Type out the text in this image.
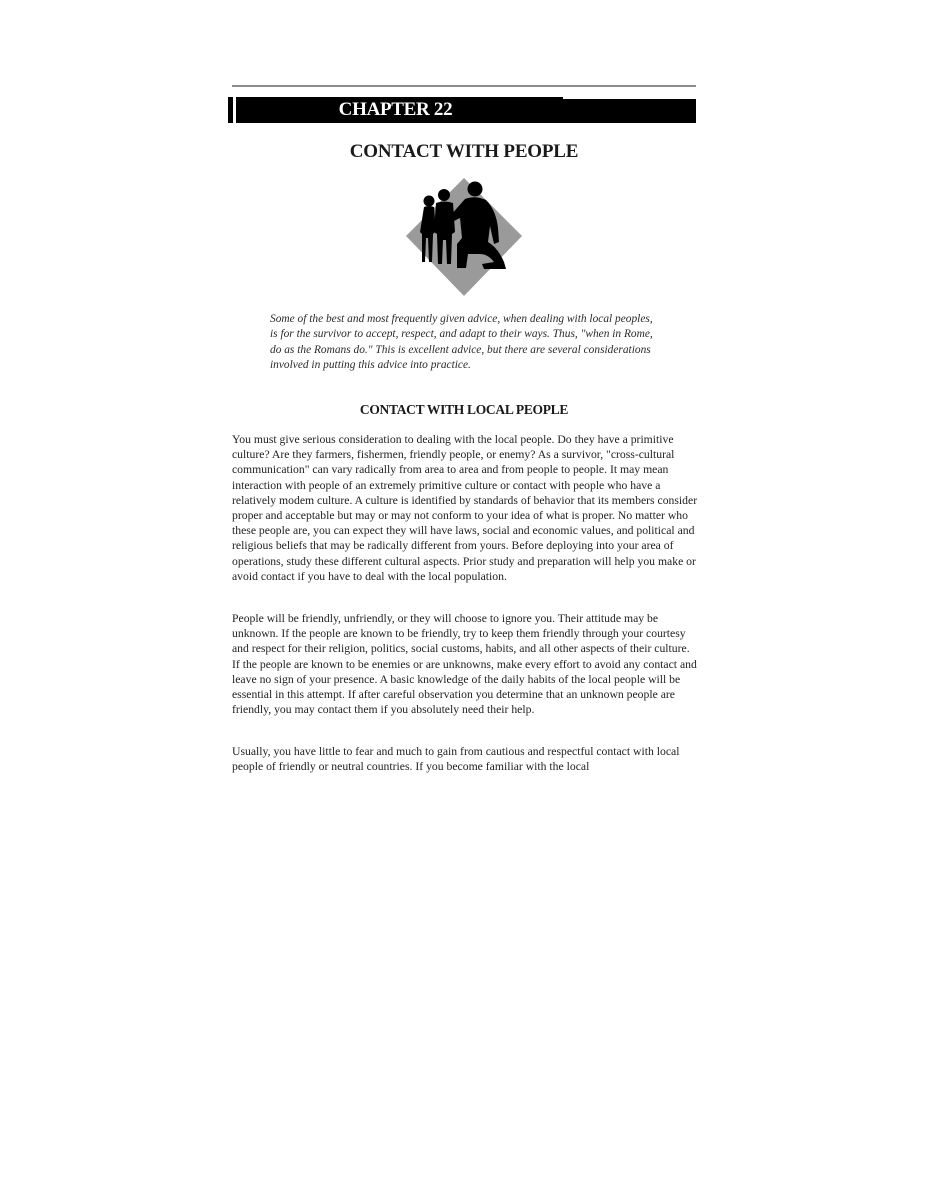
CHAPTER 22
CONTACT WITH PEOPLE
Some of the best and most frequently given advice, when dealing with local peoples, is for the survivor to accept, respect, and adapt to their ways. Thus, "when in Rome, do as the Romans do." This is excellent advice, but there are several considerations involved in putting this advice into practice.
CONTACT WITH LOCAL PEOPLE

You must give serious consideration to dealing with the local people. Do they have a primitive culture? Are they farmers, fishermen, friendly people, or enemy? As a survivor, "cross-cultural communication" can vary radically from area to area and from people to people. It may mean interaction with people of an extremely primitive culture or contact with people who have a relatively modem culture. A culture is identified by standards of behavior that its members consider proper and acceptable but may or may not conform to your idea of what is proper. No matter who these people are, you can expect they will have laws, social and economic values, and political and religious beliefs that may be radically different from yours. Before deploying into your area of operations, study these different cultural aspects. Prior study and preparation will help you make or avoid contact if you have to deal with the local population.

People will be friendly, unfriendly, or they will choose to ignore you. Their attitude may be unknown. If the people are known to be friendly, try to keep them friendly through your courtesy and respect for their religion, politics, social customs, habits, and all other aspects of their culture. If the people are known to be enemies or are unknowns, make every effort to avoid any contact and leave no sign of your presence. A basic knowledge of the daily habits of the local people will be essential in this attempt. If after careful observation you determine that an unknown people are friendly, you may contact them if you absolutely need their help.

Usually, you have little to fear and much to gain from cautious and respectful contact with local people of friendly or neutral countries. If you become familiar with the local
